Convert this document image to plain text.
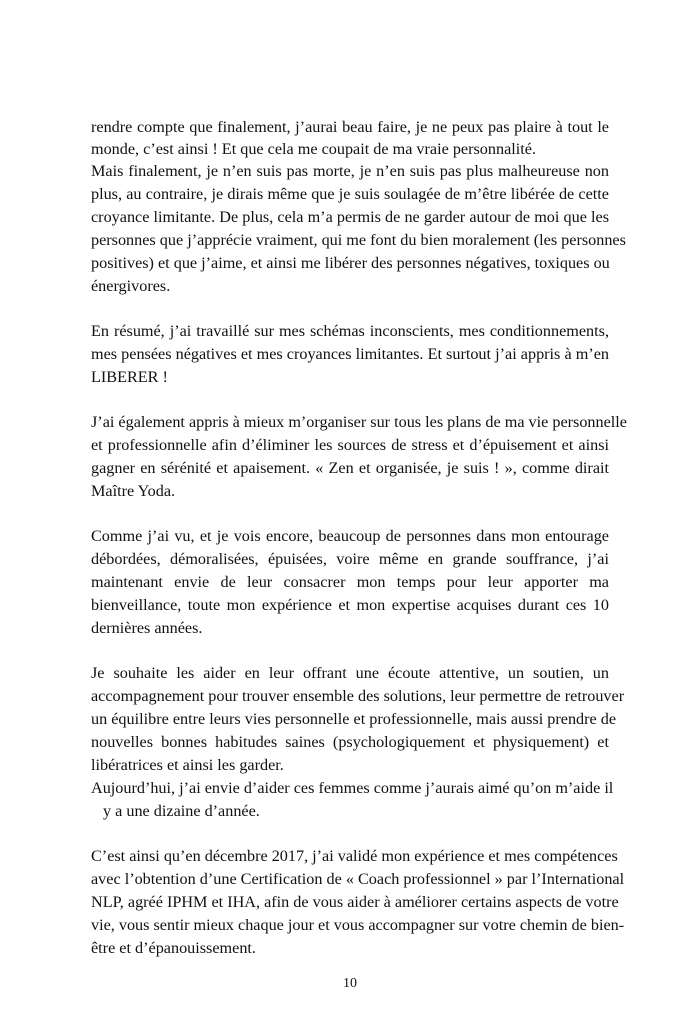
rendre compte que finalement, j’aurai beau faire, je ne peux pas plaire à tout le
monde, c’est ainsi ! Et que cela me coupait de ma vraie personnalité.
Mais finalement, je n’en suis pas morte, je n’en suis pas plus malheureuse non
plus, au contraire, je dirais même que je suis soulagée de m’être libérée de cette
croyance limitante. De plus, cela m’a permis de ne garder autour de moi que les
personnes que j’apprécie vraiment, qui me font du bien moralement (les personnes
positives) et que j’aime, et ainsi me libérer des personnes négatives, toxiques ou
énergivores.
En résumé, j’ai travaillé sur mes schémas inconscients, mes conditionnements,
mes pensées négatives et mes croyances limitantes. Et surtout j’ai appris à m’en
LIBERER !
J’ai également appris à mieux m’organiser sur tous les plans de ma vie personnelle
et professionnelle afin d’éliminer les sources de stress et d’épuisement et ainsi
gagner en sérénité et apaisement. « Zen et organisée, je suis ! », comme dirait
Maître Yoda.
Comme j’ai vu, et je vois encore, beaucoup de personnes dans mon entourage
débordées, démoralisées, épuisées, voire même en grande souffrance, j’ai
maintenant envie de leur consacrer mon temps pour leur apporter ma
bienveillance, toute mon expérience et mon expertise acquises durant ces 10
dernières années.
Je souhaite les aider en leur offrant une écoute attentive, un soutien, un
accompagnement pour trouver ensemble des solutions, leur permettre de retrouver
un équilibre entre leurs vies personnelle et professionnelle, mais aussi prendre de
nouvelles bonnes habitudes saines (psychologiquement et physiquement) et
libératrices et ainsi les garder.
Aujourd’hui, j’ai envie d’aider ces femmes comme j’aurais aimé qu’on m’aide il
y a une dizaine d’année.
C’est ainsi qu’en décembre 2017, j’ai validé mon expérience et mes compétences
avec l’obtention d’une Certification de « Coach professionnel » par l’International
NLP, agréé IPHM et IHA, afin de vous aider à améliorer certains aspects de votre
vie, vous sentir mieux chaque jour et vous accompagner sur votre chemin de bien-
être et d’épanouissement.
10
